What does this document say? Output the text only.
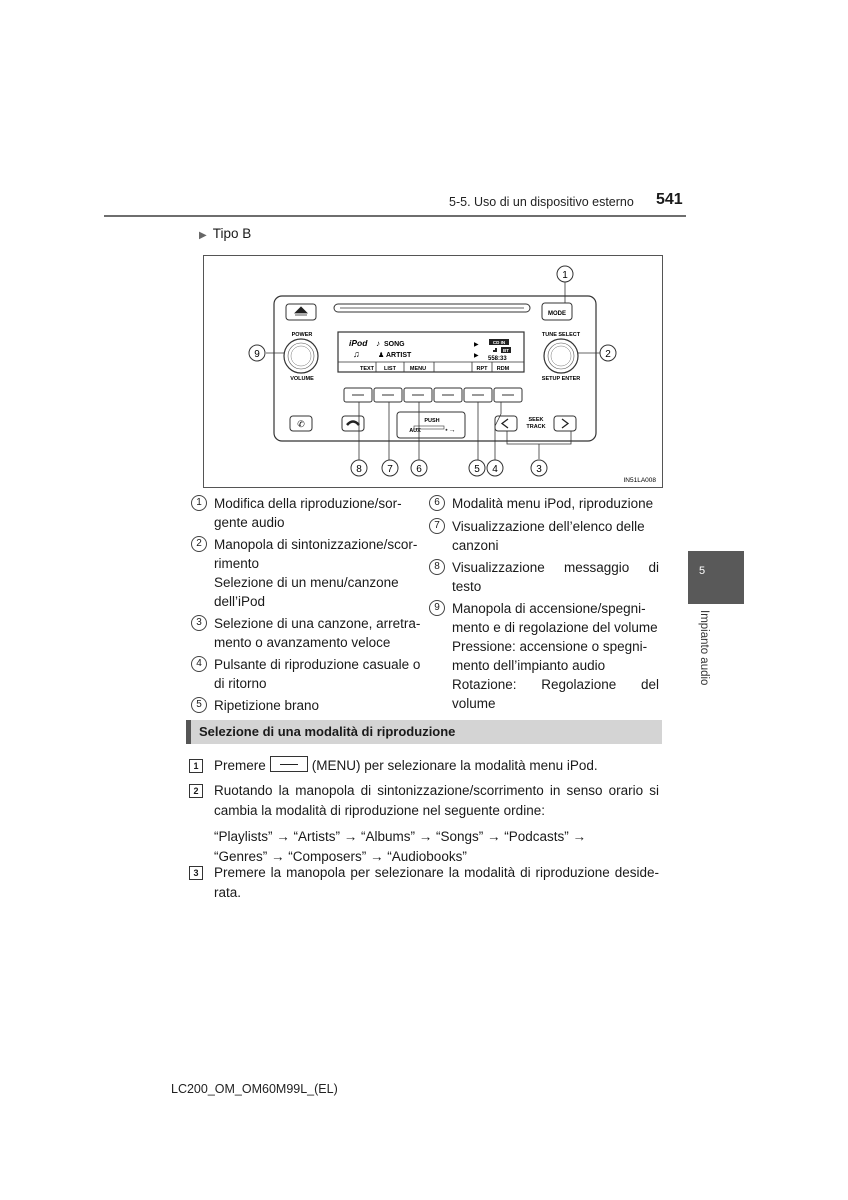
5-5. Uso di un dispositivo esterno 541
▶ Tipo B
MODE
POWER
VOLUME
TUNE SELECT
SETUP ENTER
iPod ♪ SONG
♫	♟ ARTIST
▶
▶
CD IN
BT
558:33
TEXT LIST	MENU	RPT RDM
✆	PUSH
AUX	⋆→
SEEK
TRACK
1
2
3
4
5
6
7
8
9
IN51LA008
1 Modifica della riproduzione/sor-
gente audio
2 Manopola di sintonizzazione/scor-
rimento
Selezione di un menu/canzone
dell’iPod
3 Selezione di una canzone, arretra-
mento o avanzamento veloce
4 Pulsante di riproduzione casuale o
di ritorno
5 Ripetizione brano
6 Modalità menu iPod, riproduzione
7 Visualizzazione dell’elenco delle
canzoni
8 Visualizzazione messaggio di
testo
9 Manopola di accensione/spegni-
mento e di regolazione del volume
Pressione: accensione o spegni-
mento dell’impianto audio
Rotazione: Regolazione del
volume
Selezione di una modalità di riproduzione
1	Premere	(MENU) per selezionare la modalità menu iPod.
2	Ruotando la manopola di sintonizzazione/scorrimento in senso orario si cambia la modalità di riproduzione nel seguente ordine:
“Playlists” → “Artists” → “Albums” → “Songs” → “Podcasts” →
“Genres” → “Composers” → “Audiobooks”
3	Premere la manopola per selezionare la modalità di riproduzione deside-rata.
5
Impianto audio
LC200_OM_OM60M99L_(EL)
